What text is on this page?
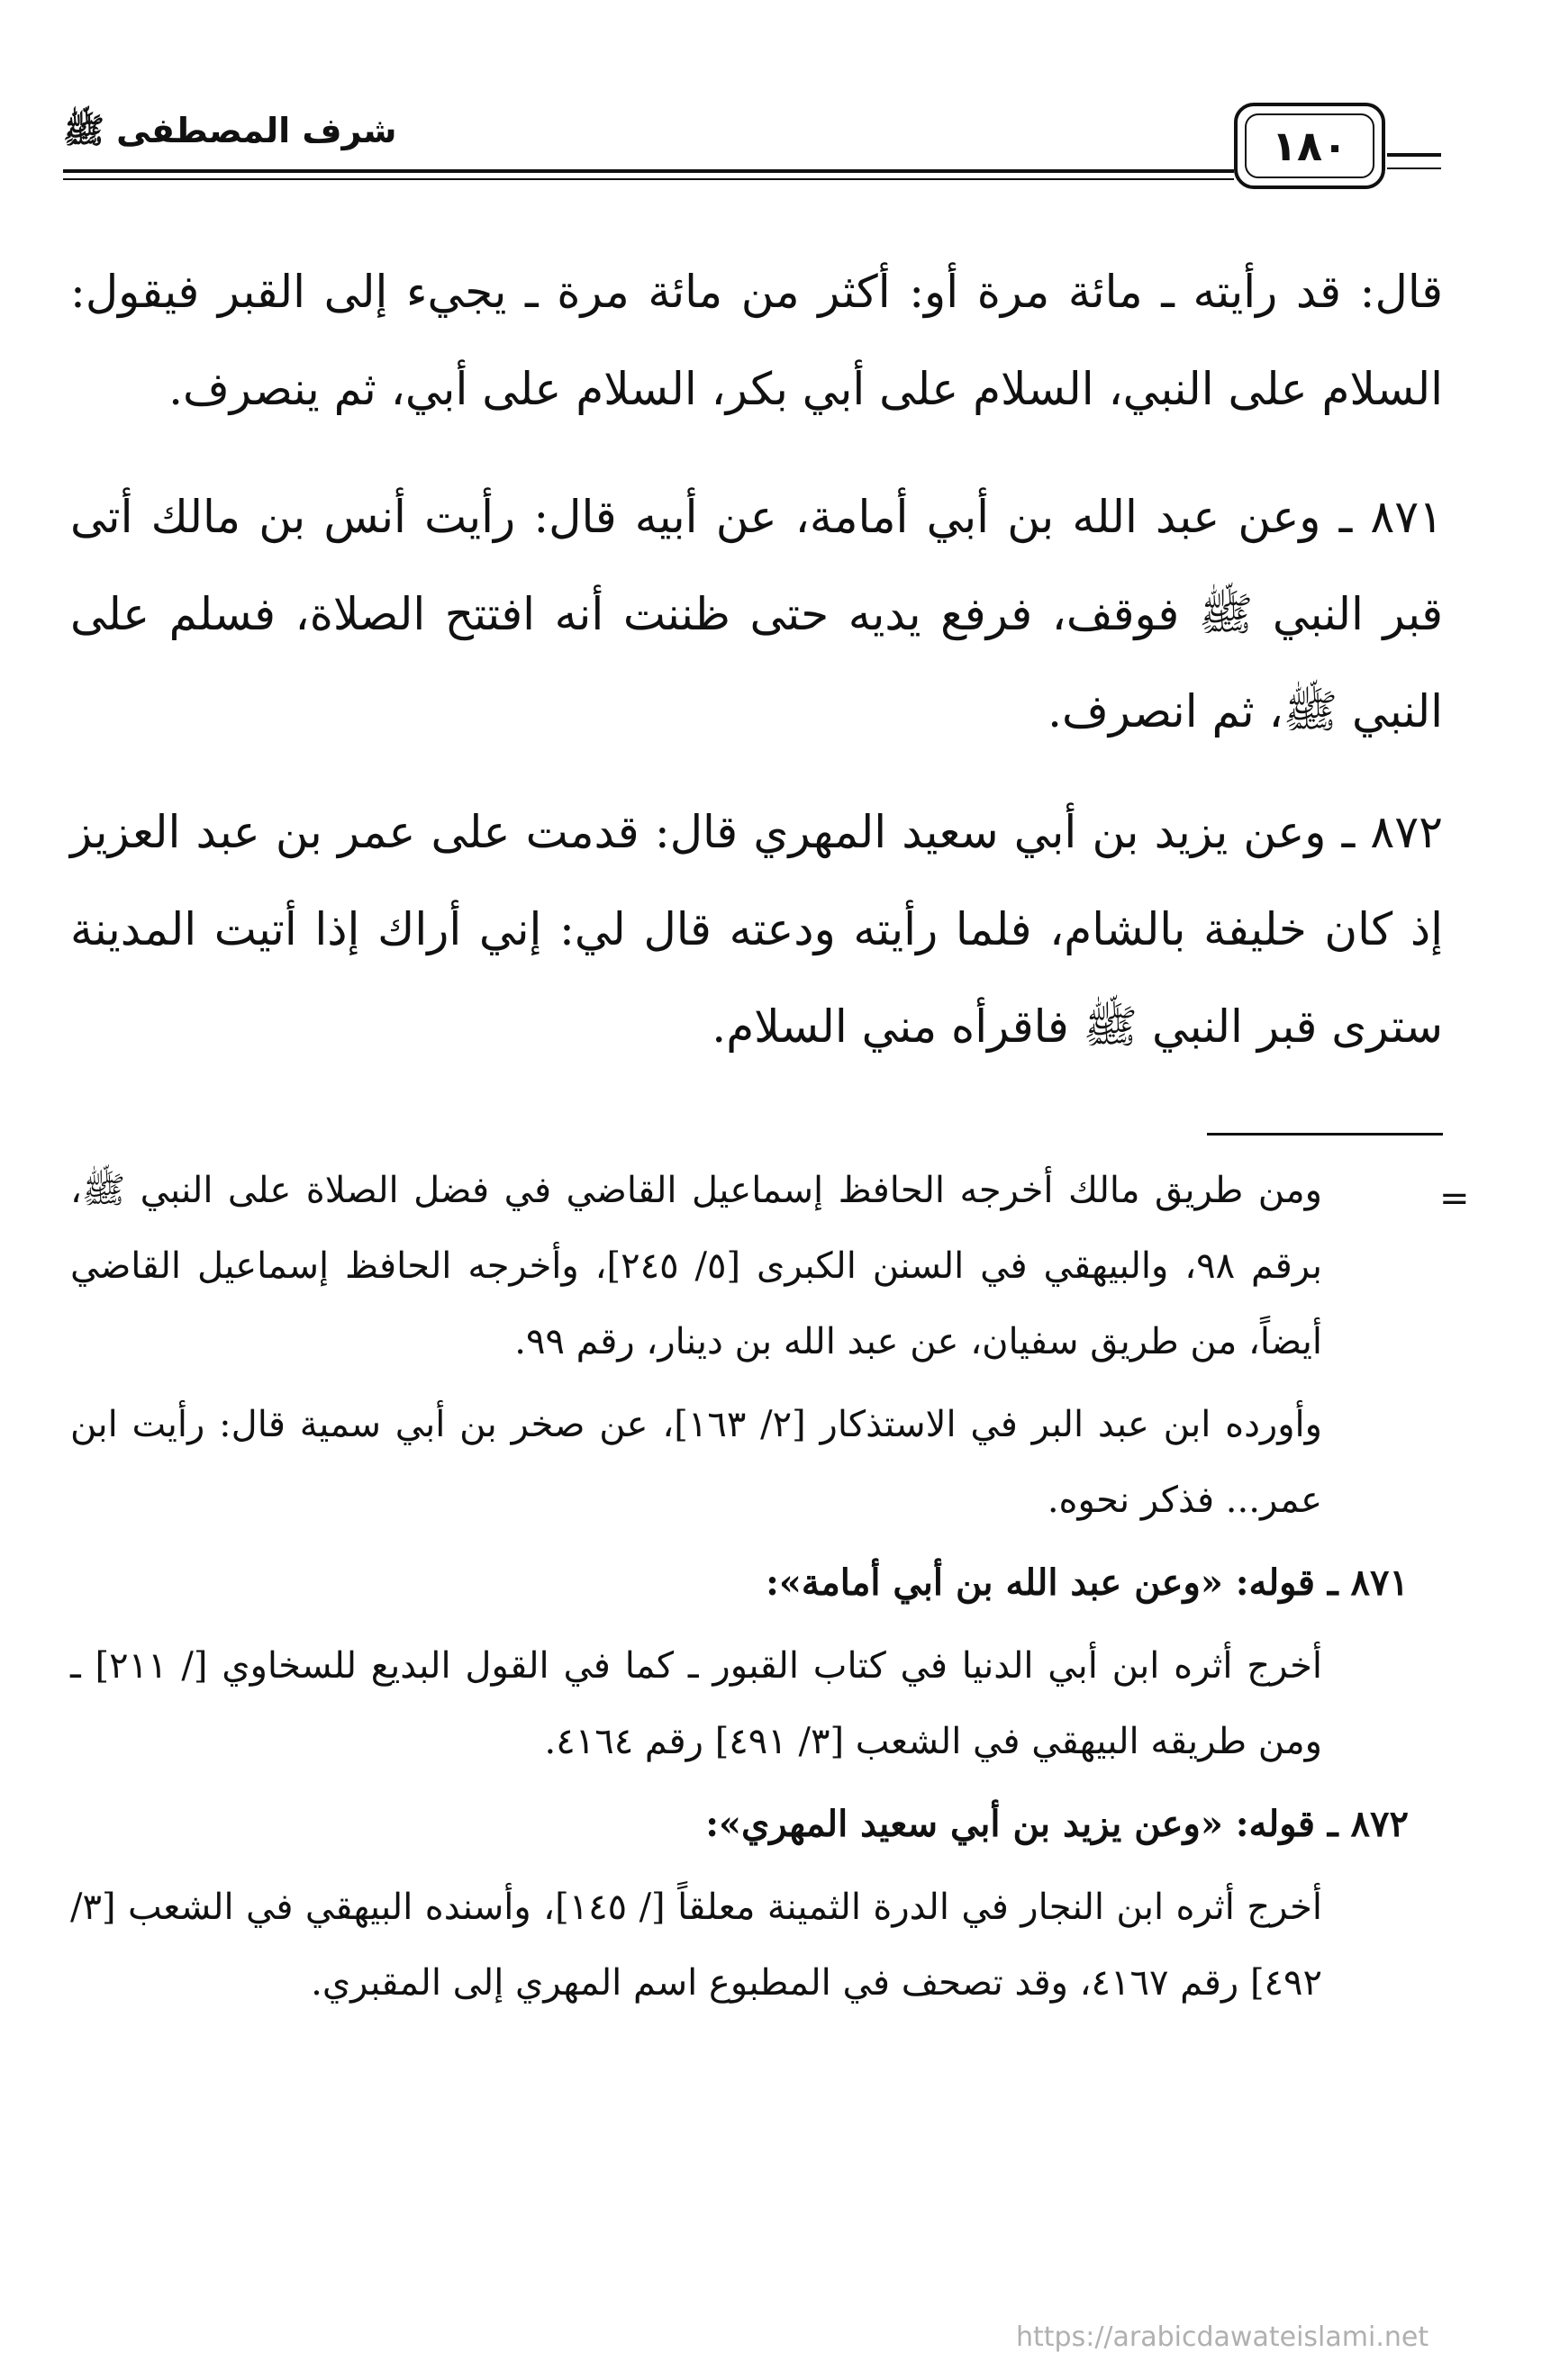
شرف المصطفى ﷺ	١٨٠

قال: قد رأيته ـ مائة مرة أو: أكثر من مائة مرة ـ يجيء إلى القبر فيقول: السلام على النبي، السلام على أبي بكر، السلام على أبي، ثم ينصرف.

٨٧١ ـ وعن عبد الله بن أبي أمامة، عن أبيه قال: رأيت أنس بن مالك أتى قبر النبي ﷺ فوقف، فرفع يديه حتى ظننت أنه افتتح الصلاة، فسلم على النبي ﷺ، ثم انصرف.

٨٧٢ ـ وعن يزيد بن أبي سعيد المهري قال: قدمت على عمر بن عبد العزيز إذ كان خليفة بالشام، فلما رأيته ودعته قال لي: إني أراك إذا أتيت المدينة سترى قبر النبي ﷺ فاقرأه مني السلام.

=

ومن طريق مالك أخرجه الحافظ إسماعيل القاضي في فضل الصلاة على النبي ﷺ، برقم ٩٨، والبيهقي في السنن الكبرى [٥/ ٢٤٥]، وأخرجه الحافظ إسماعيل القاضي أيضاً، من طريق سفيان، عن عبد الله بن دينار، رقم ٩٩.

وأورده ابن عبد البر في الاستذكار [٢/ ١٦٣]، عن صخر بن أبي سمية قال: رأيت ابن عمر... فذكر نحوه.

٨٧١ ـ قوله: «وعن عبد الله بن أبي أمامة»:

أخرج أثره ابن أبي الدنيا في كتاب القبور ـ كما في القول البديع للسخاوي [/ ٢١١] ـ ومن طريقه البيهقي في الشعب [٣/ ٤٩١] رقم ٤١٦٤.

٨٧٢ ـ قوله: «وعن يزيد بن أبي سعيد المهري»:

أخرج أثره ابن النجار في الدرة الثمينة معلقاً [/ ١٤٥]، وأسنده البيهقي في الشعب [٣/ ٤٩٢] رقم ٤١٦٧، وقد تصحف في المطبوع اسم المهري إلى المقبري.

https://arabicdawateislami.net
